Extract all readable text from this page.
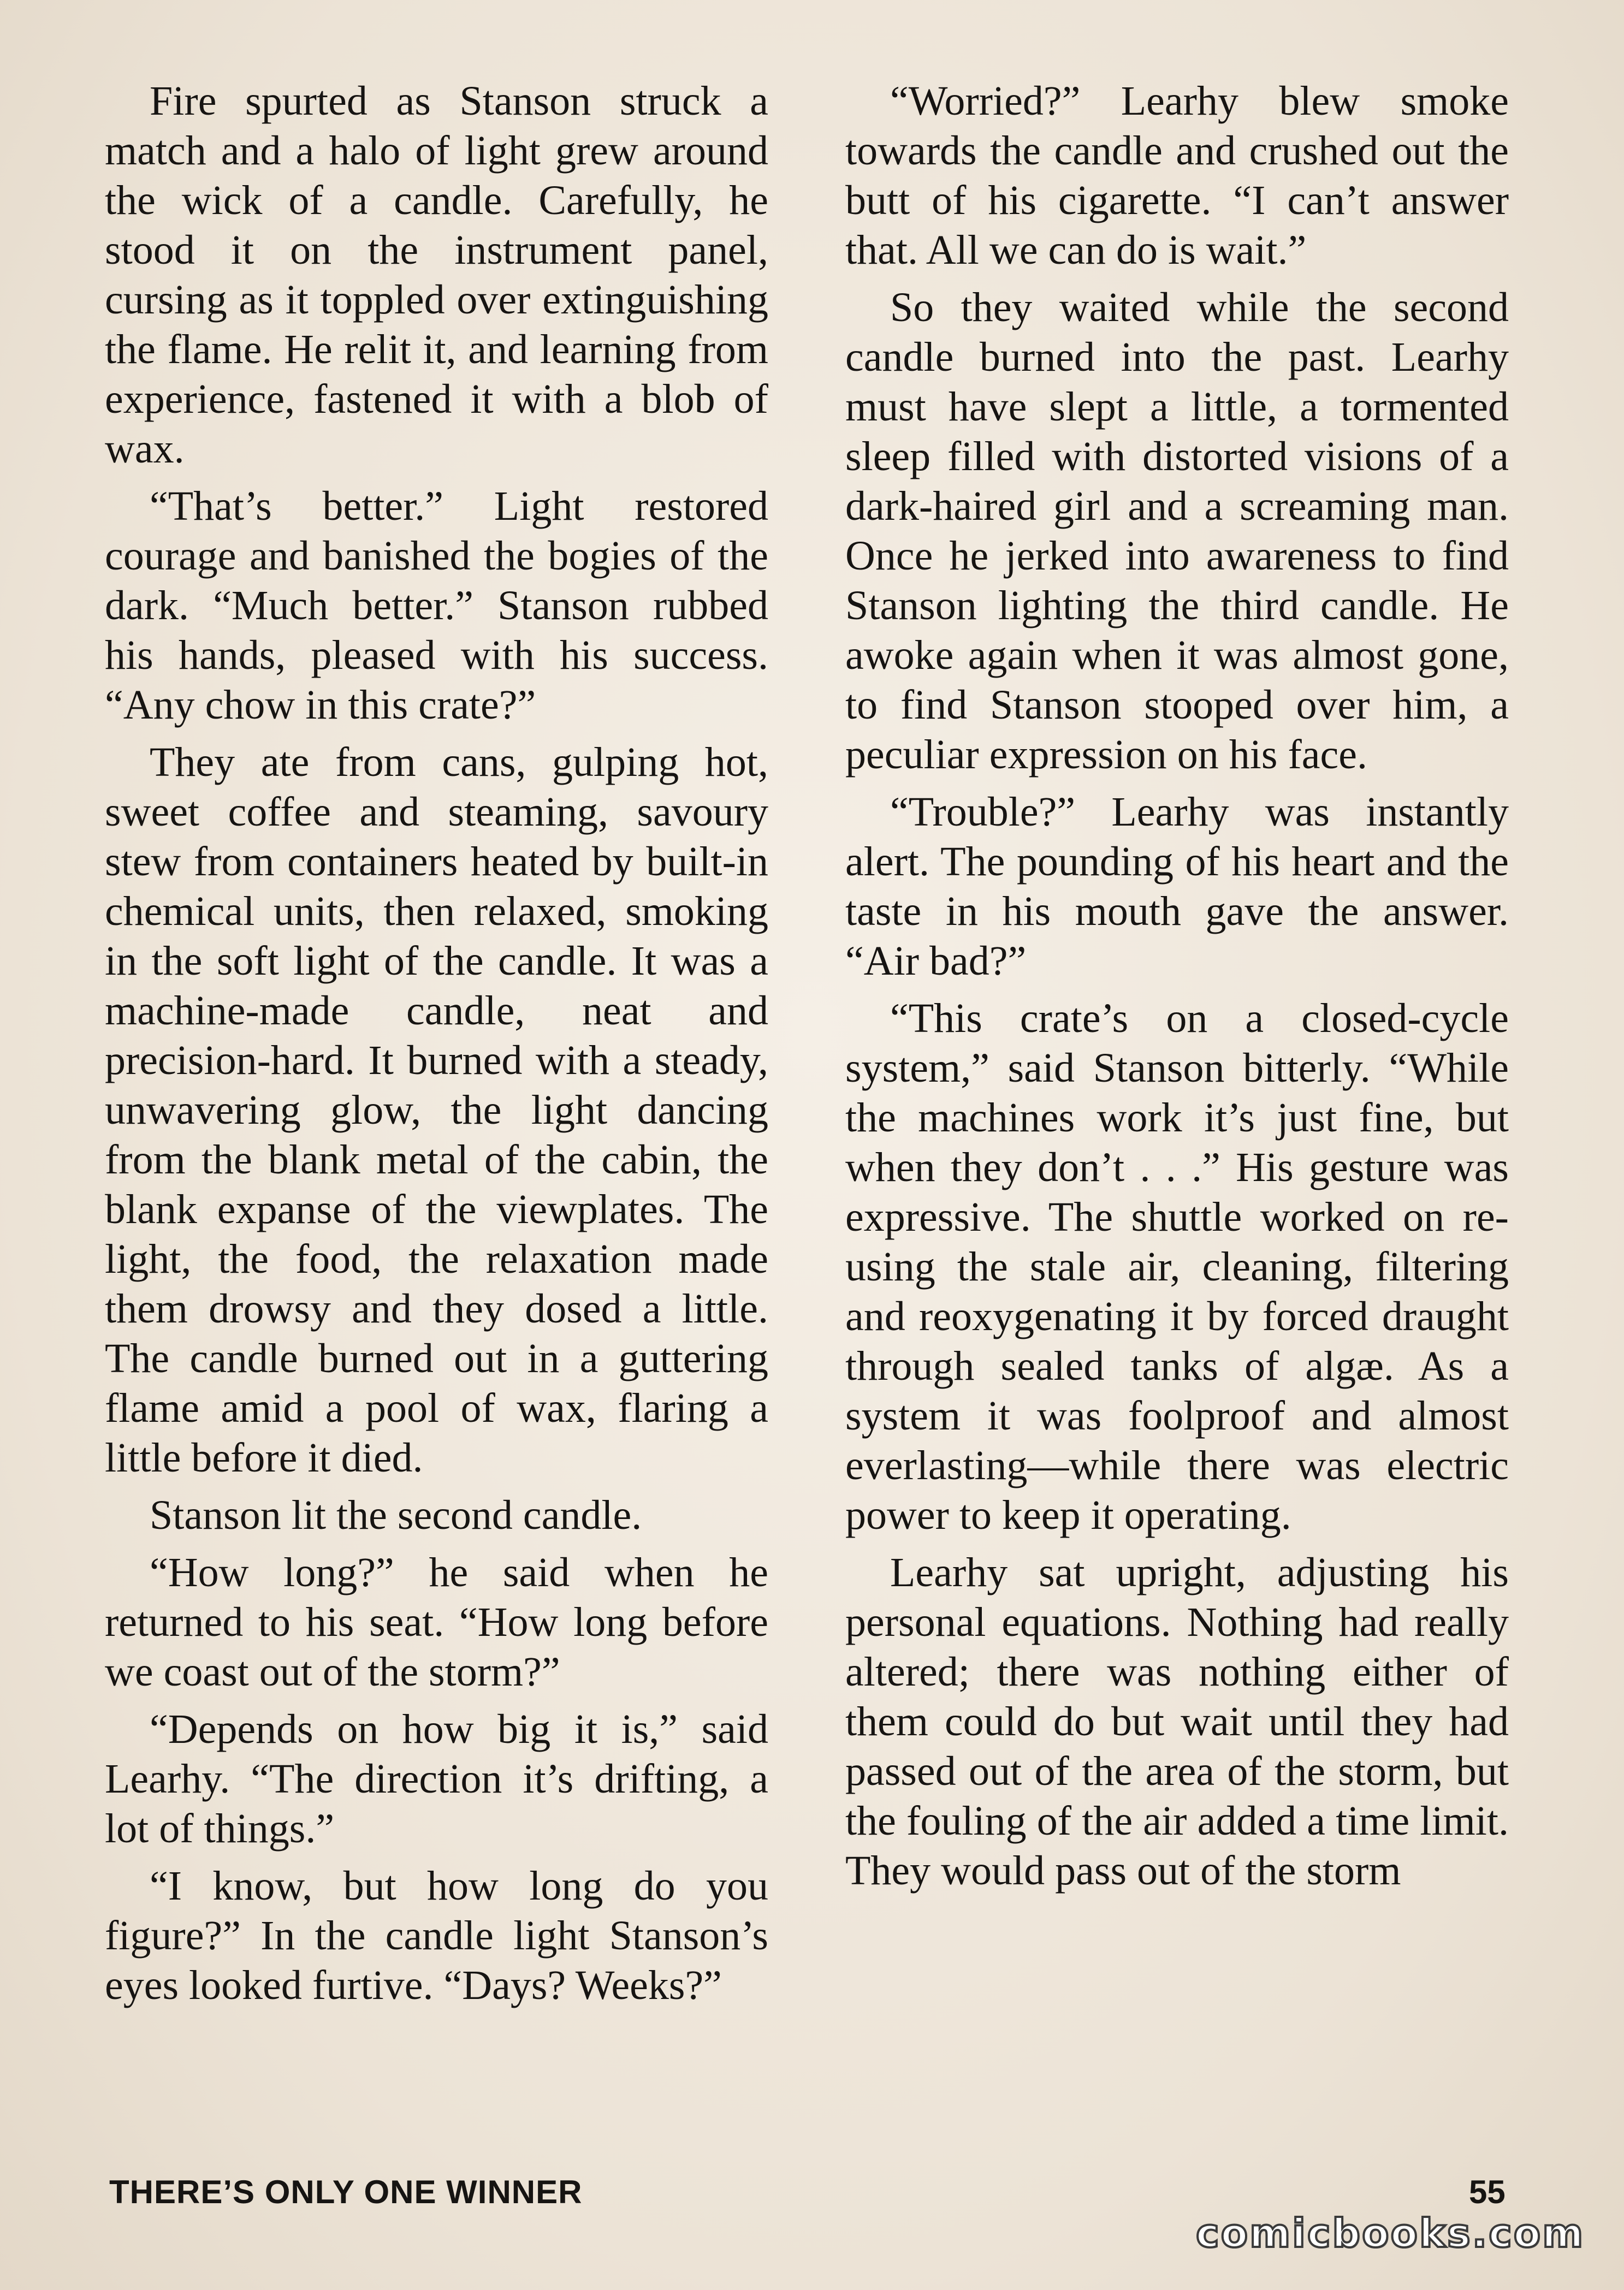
Fire spurted as Stanson struck a match and a halo of light grew around the wick of a candle. Carefully, he stood it on the instrument panel, cursing as it toppled over extinguishing the flame. He relit it, and learning from experience, fastened it with a blob of wax.

“That’s better.” Light restored courage and banished the bogies of the dark. “Much better.” Stanson rubbed his hands, pleased with his success. “Any chow in this crate?”

They ate from cans, gulping hot, sweet coffee and steaming, savoury stew from containers heated by built-in chemical units, then relaxed, smoking in the soft light of the candle. It was a machine-made candle, neat and precision-hard. It burned with a steady, unwavering glow, the light dancing from the blank metal of the cabin, the blank expanse of the viewplates. The light, the food, the relaxation made them drowsy and they dosed a little. The candle burned out in a guttering flame amid a pool of wax, flaring a little before it died.

Stanson lit the second candle.

“How long?” he said when he returned to his seat. “How long before we coast out of the storm?”

“Depends on how big it is,” said Learhy. “The direction it’s drifting, a lot of things.”

“I know, but how long do you figure?” In the candle light Stanson’s eyes looked furtive. “Days? Weeks?”

“Worried?” Learhy blew smoke towards the candle and crushed out the butt of his cigarette. “I can’t answer that. All we can do is wait.”

So they waited while the second candle burned into the past. Learhy must have slept a little, a tormented sleep filled with distorted visions of a dark-haired girl and a screaming man. Once he jerked into awareness to find Stanson lighting the third candle. He awoke again when it was almost gone, to find Stanson stooped over him, a peculiar expression on his face.

“Trouble?” Learhy was instantly alert. The pounding of his heart and the taste in his mouth gave the answer. “Air bad?”

“This crate’s on a closed-cycle system,” said Stanson bitterly. “While the machines work it’s just fine, but when they don’t . . .” His gesture was expressive. The shuttle worked on re-using the stale air, cleaning, filtering and reoxygenating it by forced draught through sealed tanks of algæ. As a system it was foolproof and almost everlasting—while there was electric power to keep it operating.

Learhy sat upright, adjusting his personal equations. Nothing had really altered; there was nothing either of them could do but wait until they had passed out of the area of the storm, but the fouling of the air added a time limit. They would pass out of the storm

THERE’S ONLY ONE WINNER	55
comicbooks.com
